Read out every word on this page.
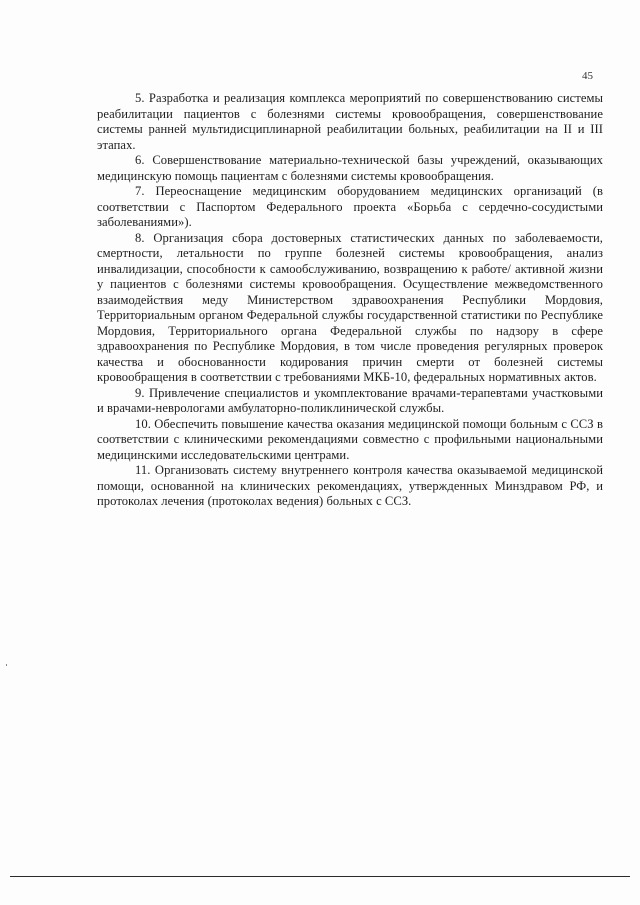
45

5. Разработка и реализация комплекса мероприятий по совершенствованию системы реабилитации пациентов с болезнями системы кровообращения, совершенствование системы ранней мультидисциплинарной реабилитации больных, реабилитации на II и III этапах.

6. Совершенствование материально-технической базы учреждений, оказывающих медицинскую помощь пациентам с болезнями системы кровообращения.

7. Переоснащение медицинским оборудованием медицинских организаций (в соответствии с Паспортом Федерального проекта «Борьба с сердечно-сосудистыми заболеваниями»).

8. Организация сбора достоверных статистических данных по заболеваемости, смертности, летальности по группе болезней системы кровообращения, анализ инвалидизации, способности к самообслуживанию, возвращению к работе/ активной жизни у пациентов с болезнями системы кровообращения. Осуществление межведомственного взаимодействия меду Министерством здравоохранения Республики Мордовия, Территориальным органом Федеральной службы государственной статистики по Республике Мордовия, Территориального органа Федеральной службы по надзору в сфере здравоохранения по Республике Мордовия, в том числе проведения регулярных проверок качества и обоснованности кодирования причин смерти от болезней системы кровообращения в соответствии с требованиями МКБ-10, федеральных нормативных актов.

9. Привлечение специалистов и укомплектование врачами-терапевтами участковыми и врачами-неврологами амбулаторно-поликлинической службы.

10. Обеспечить повышение качества оказания медицинской помощи больным с ССЗ в соответствии с клиническими рекомендациями совместно с профильными национальными медицинскими исследовательскими центрами.

11. Организовать систему внутреннего контроля качества оказываемой медицинской помощи, основанной на клинических рекомендациях, утвержденных Минздравом РФ, и протоколах лечения (протоколах ведения) больных с ССЗ.
